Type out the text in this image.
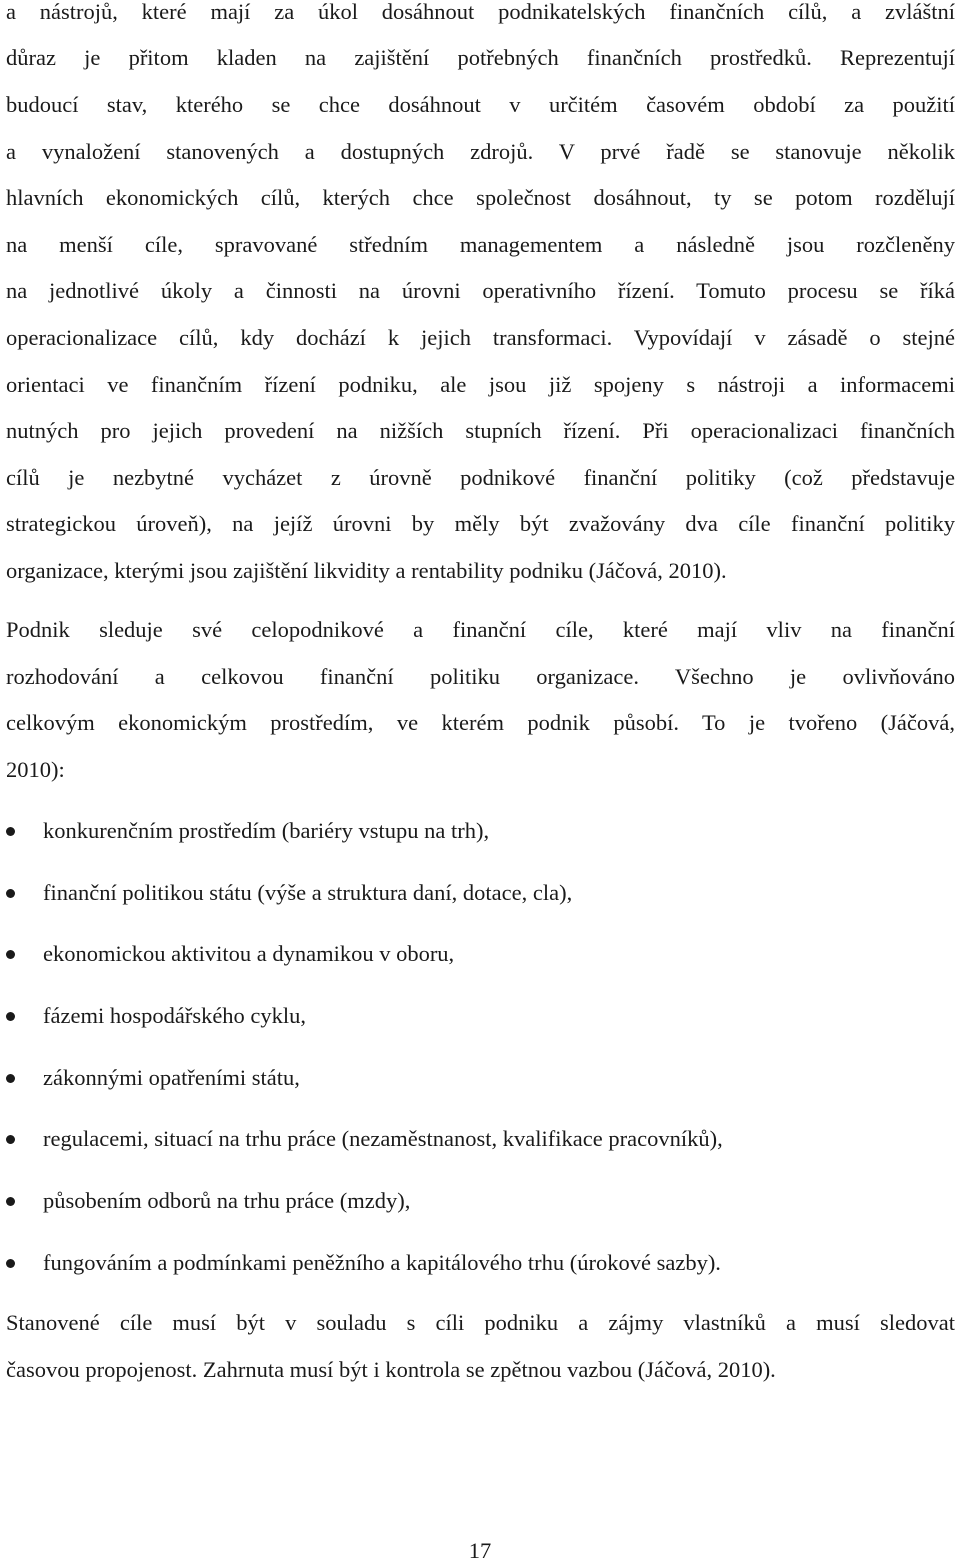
a nástrojů, které mají za úkol dosáhnout podnikatelských finančních cílů, a zvláštní
důraz je přitom kladen na zajištění potřebných finančních prostředků. Reprezentují
budoucí stav, kterého se chce dosáhnout v určitém časovém období za použití
a vynaložení stanovených a dostupných zdrojů. V prvé řadě se stanovuje několik
hlavních ekonomických cílů, kterých chce společnost dosáhnout, ty se potom rozdělují
na menší cíle, spravované středním managementem a následně jsou rozčleněny
na jednotlivé úkoly a činnosti na úrovni operativního řízení. Tomuto procesu se říká
operacionalizace cílů, kdy dochází k jejich transformaci. Vypovídají v zásadě o stejné
orientaci ve finančním řízení podniku, ale jsou již spojeny s nástroji a informacemi
nutných pro jejich provedení na nižších stupních řízení. Při operacionalizaci finančních
cílů je nezbytné vycházet z úrovně podnikové finanční politiky (což představuje
strategickou úroveň), na jejíž úrovni by měly být zvažovány dva cíle finanční politiky
organizace, kterými jsou zajištění likvidity a rentability podniku (Jáčová, 2010).
Podnik sleduje své celopodnikové a finanční cíle, které mají vliv na finanční
rozhodování a celkovou finanční politiku organizace. Všechno je ovlivňováno
celkovým ekonomickým prostředím, ve kterém podnik působí. To je tvořeno (Jáčová,
2010):
konkurenčním prostředím (bariéry vstupu na trh),
finanční politikou státu (výše a struktura daní, dotace, cla),
ekonomickou aktivitou a dynamikou v oboru,
fázemi hospodářského cyklu,
zákonnými opatřeními státu,
regulacemi, situací na trhu práce (nezaměstnanost, kvalifikace pracovníků),
působením odborů na trhu práce (mzdy),
fungováním a podmínkami peněžního a kapitálového trhu (úrokové sazby).
Stanovené cíle musí být v souladu s cíli podniku a zájmy vlastníků a musí sledovat
časovou propojenost. Zahrnuta musí být i kontrola se zpětnou vazbou (Jáčová, 2010).
17
